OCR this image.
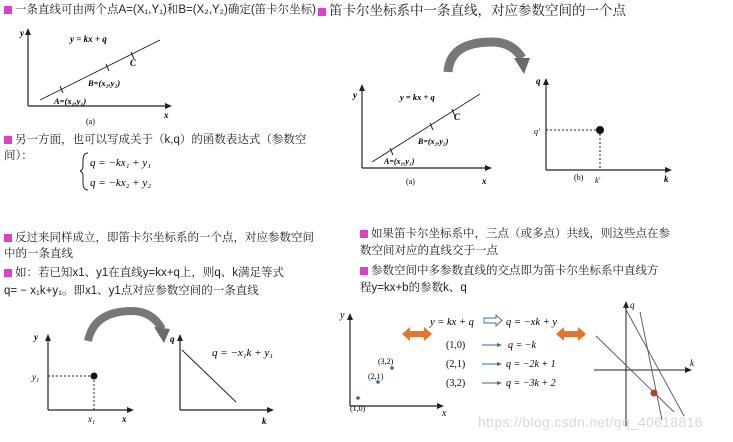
一条直线可由两个点A=(X₁,Y₁)和B=(X₂,Y₂)确定(笛卡尔坐标)
y
x
y = kx + q
C
B=(x₂,y₂)
A=(x₁,y₁)
(a)
另一方面，也可以写成关于（k,q）的函数表达式（参数空
间）：
q = −kx₁ + y₁
q = −kx₂ + y₂
笛卡尔坐标系中一条直线，对应参数空间的一个点
y
x
y = kx + q
C
B=(x₂,y₂)
A=(x₁,y₁)
(a)
q
k
q'
k'
(b)
反过来同样成立，即笛卡尔坐标系的一个点，对应参数空间
中的一条直线
如：若已知x1、y1在直线y=kx+q上，则q、k满足等式
q= − x₁k+y₁。即x1、y1点对应参数空间的一条直线
y
x
y₁
x₁
q
k
q = −x₁k + y₁
如果笛卡尔坐标系中，三点（或多点）共线，则这些点在参
数空间对应的直线交于一点
参数空间中多参数直线的交点即为笛卡尔坐标系中直线方
程y=kx+b的参数k、q
y
x
(1,0)
(2,1)
(3,2)
y = kx + q	q = −xk + y
(1,0)	q = −k
(2,1)	q = −2k + 1
(3,2)	q = −3k + 2
q
k
https://blog.csdn.net/qq_40618816
